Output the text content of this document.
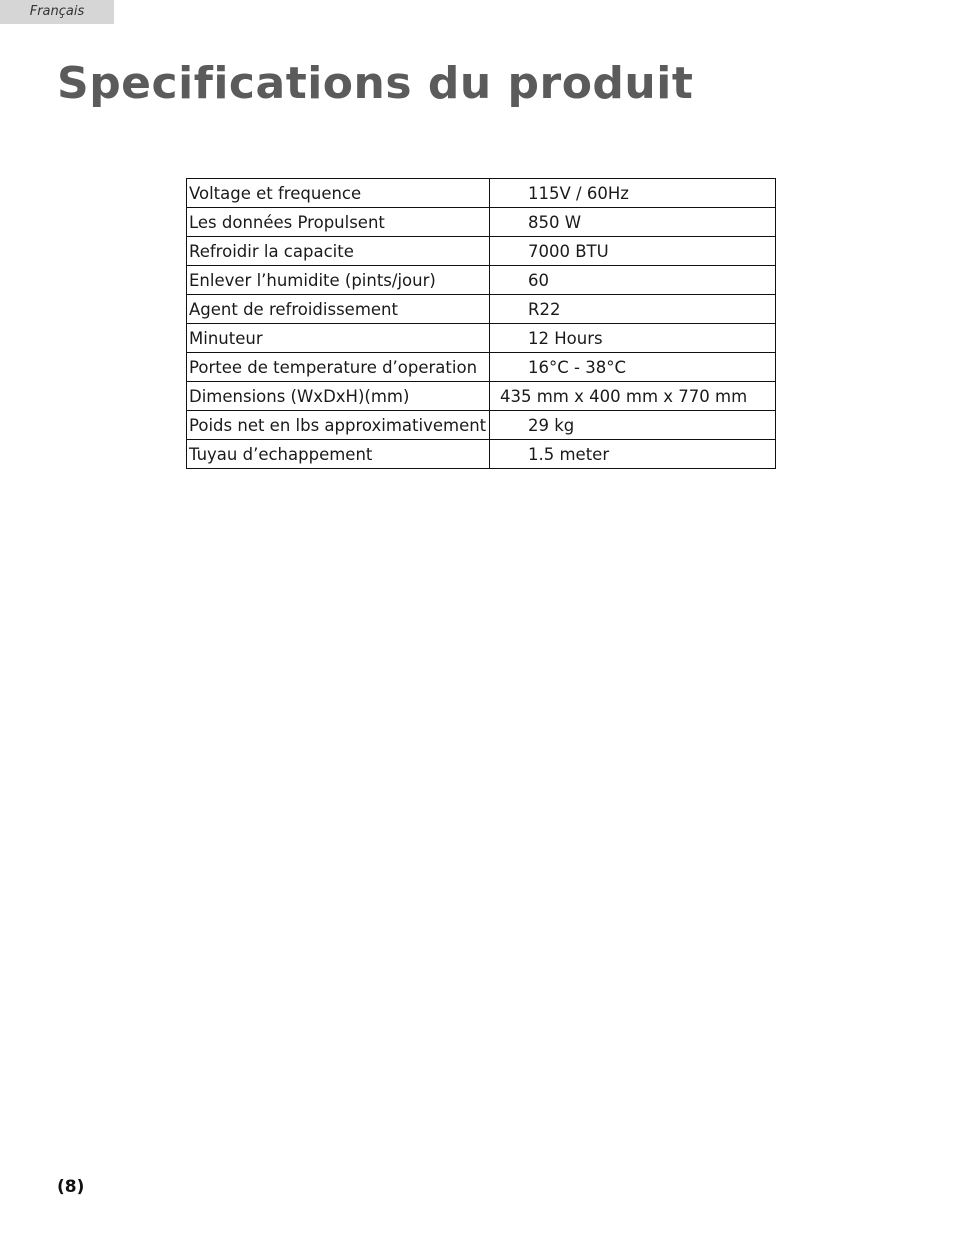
Français
Specifications du produit
Voltage et frequence	115V / 60Hz
Les données Propulsent	850 W
Refroidir la capacite	7000 BTU
Enlever l’humidite (pints/jour)	60
Agent de refroidissement	R22
Minuteur	12 Hours
Portee de temperature d’operation	16°C - 38°C
Dimensions (WxDxH)(mm)	435 mm x 400 mm x 770 mm
Poids net en lbs approximativement	29 kg
Tuyau d’echappement	1.5 meter
(8)
